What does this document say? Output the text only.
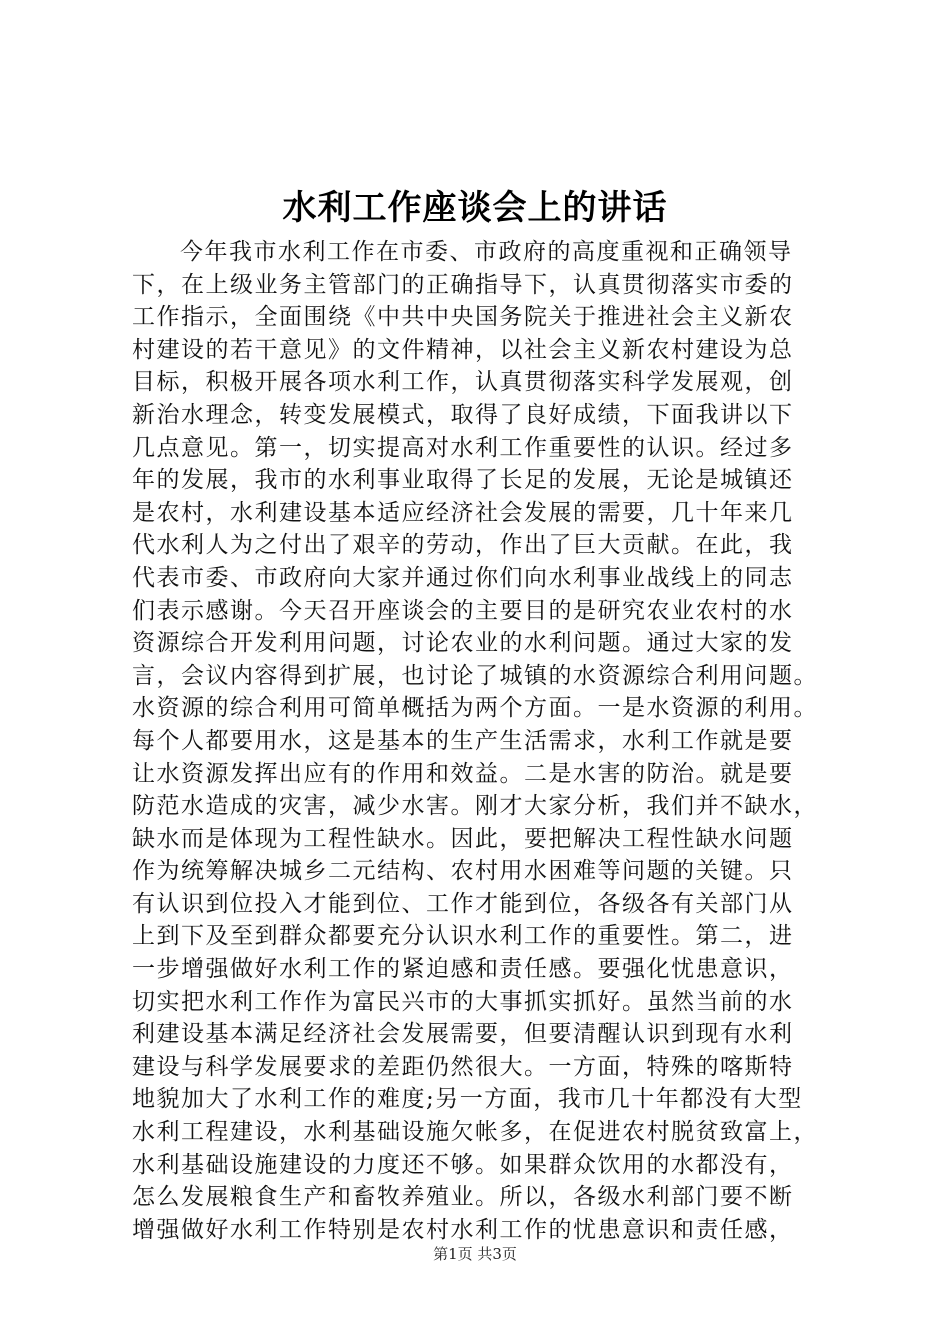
水利工作座谈会上的讲话
今年我市水利工作在市委、市政府的高度重视和正确领导
下，在上级业务主管部门的正确指导下，认真贯彻落实市委的
工作指示，全面围绕《中共中央国务院关于推进社会主义新农
村建设的若干意见》的文件精神，以社会主义新农村建设为总
目标，积极开展各项水利工作，认真贯彻落实科学发展观，创
新治水理念，转变发展模式，取得了良好成绩，下面我讲以下
几点意见。第一，切实提高对水利工作重要性的认识。经过多
年的发展，我市的水利事业取得了长足的发展，无论是城镇还
是农村，水利建设基本适应经济社会发展的需要，几十年来几
代水利人为之付出了艰辛的劳动，作出了巨大贡献。在此，我
代表市委、市政府向大家并通过你们向水利事业战线上的同志
们表示感谢。今天召开座谈会的主要目的是研究农业农村的水
资源综合开发利用问题，讨论农业的水利问题。通过大家的发
言，会议内容得到扩展，也讨论了城镇的水资源综合利用问题。
水资源的综合利用可简单概括为两个方面。一是水资源的利用。
每个人都要用水，这是基本的生产生活需求，水利工作就是要
让水资源发挥出应有的作用和效益。二是水害的防治。就是要
防范水造成的灾害，减少水害。刚才大家分析，我们并不缺水，
缺水而是体现为工程性缺水。因此，要把解决工程性缺水问题
作为统筹解决城乡二元结构、农村用水困难等问题的关键。只
有认识到位投入才能到位、工作才能到位，各级各有关部门从
上到下及至到群众都要充分认识水利工作的重要性。第二，进
一步增强做好水利工作的紧迫感和责任感。要强化忧患意识，
切实把水利工作作为富民兴市的大事抓实抓好。虽然当前的水
利建设基本满足经济社会发展需要，但要清醒认识到现有水利
建设与科学发展要求的差距仍然很大。一方面，特殊的喀斯特
地貌加大了水利工作的难度;另一方面，我市几十年都没有大型
水利工程建设，水利基础设施欠帐多，在促进农村脱贫致富上，
水利基础设施建设的力度还不够。如果群众饮用的水都没有，
怎么发展粮食生产和畜牧养殖业。所以，各级水利部门要不断
增强做好水利工作特别是农村水利工作的忧患意识和责任感，
第1页 共3页
